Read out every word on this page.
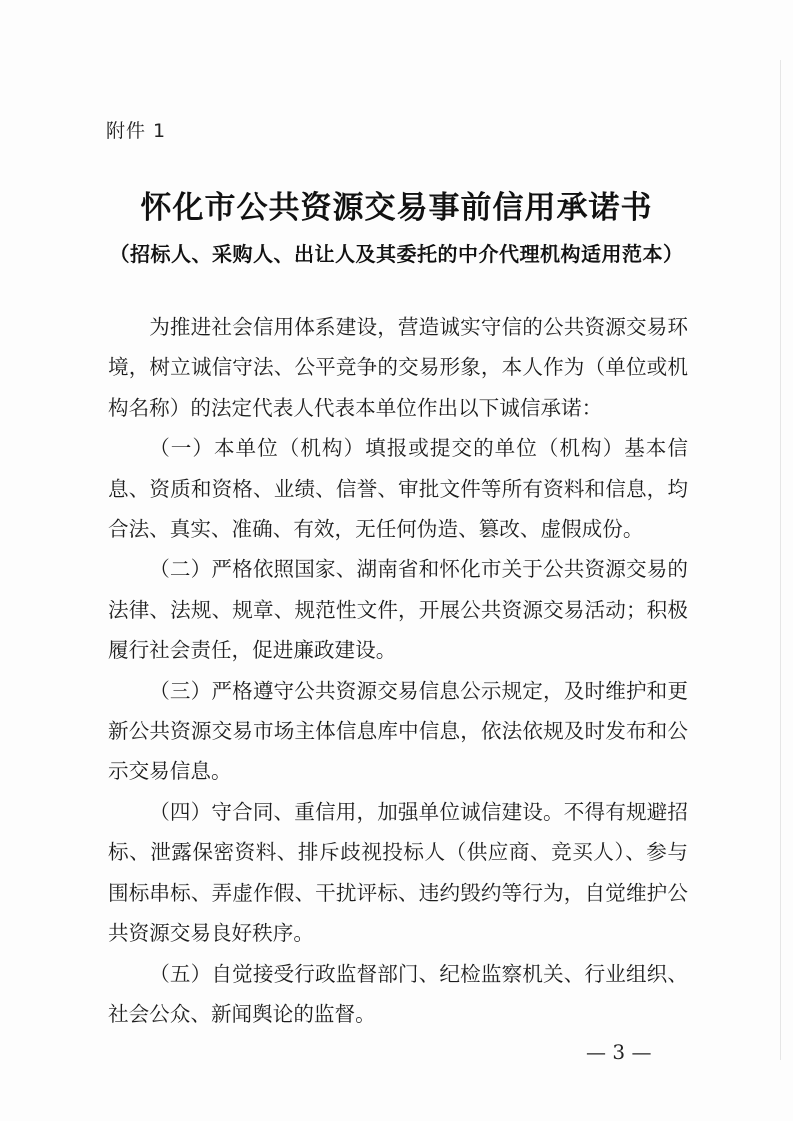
附件 1
怀化市公共资源交易事前信用承诺书
（招标人、采购人、出让人及其委托的中介代理机构适用范本）

为推进社会信用体系建设，营造诚实守信的公共资源交易环境，树立诚信守法、公平竞争的交易形象，本人作为（单位或机构名称）的法定代表人代表本单位作出以下诚信承诺：

（一）本单位（机构）填报或提交的单位（机构）基本信息、资质和资格、业绩、信誉、审批文件等所有资料和信息，均合法、真实、准确、有效，无任何伪造、篡改、虚假成份。

（二）严格依照国家、湖南省和怀化市关于公共资源交易的法律、法规、规章、规范性文件，开展公共资源交易活动；积极履行社会责任，促进廉政建设。

（三）严格遵守公共资源交易信息公示规定，及时维护和更新公共资源交易市场主体信息库中信息，依法依规及时发布和公示交易信息。

（四）守合同、重信用，加强单位诚信建设。不得有规避招标、泄露保密资料、排斥歧视投标人（供应商、竞买人）、参与围标串标、弄虚作假、干扰评标、违约毁约等行为，自觉维护公共资源交易良好秩序。

（五）自觉接受行政监督部门、纪检监察机关、行业组织、社会公众、新闻舆论的监督。

— 3 —
